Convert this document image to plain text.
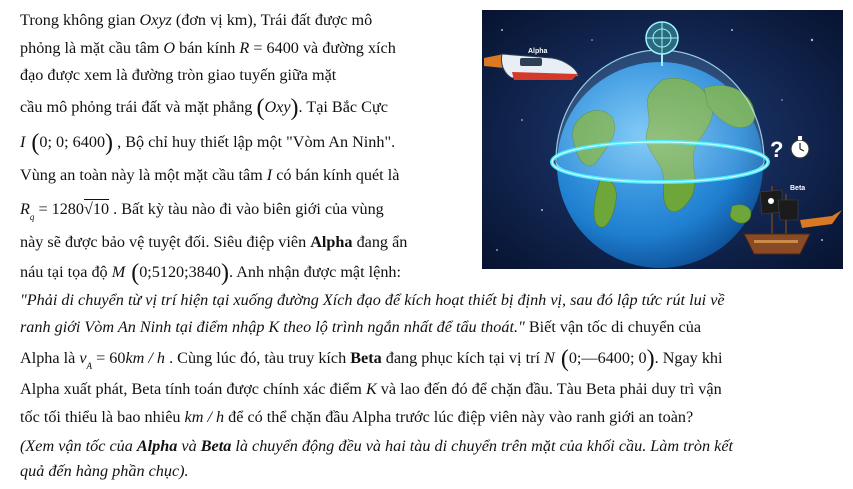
Trong không gian Oxyz (đơn vị km), Trái đất được mô
phỏng là mặt cầu tâm O bán kính R = 6400 và đường xích
đạo được xem là đường tròn giao tuyến giữa mặt
cầu mô phỏng trái đất và mặt phẳng (Oxy). Tại Bắc Cực
I (0; 0; 6400) , Bộ chỉ huy thiết lập một "Vòm An Ninh".
Vùng an toàn này là một mặt cầu tâm I có bán kính quét là
$R_q = 1280√10$ . Bất kỳ tàu nào đi vào biên giới của vùng
này sẽ được bảo vệ tuyệt đối. Siêu điệp viên Alpha đang ẩn
náu tại tọa độ M (0;5120;3840). Anh nhận được mật lệnh:
"Phải di chuyển từ vị trí hiện tại xuống đường Xích đạo để kích hoạt thiết bị định vị, sau đó lập tức rút lui về
ranh giới Vòm An Ninh tại điểm nhập K theo lộ trình ngắn nhất để tẩu thoát." Biết vận tốc di chuyển của
Alpha là $v_A = 60km / h$ . Cùng lúc đó, tàu truy kích Beta đang phục kích tại vị trí N (0;—6400; 0). Ngay khi
Alpha xuất phát, Beta tính toán được chính xác điểm K và lao đến đó để chặn đầu. Tàu Beta phải duy trì vận
tốc tối thiểu là bao nhiêu km / h để có thể chặn đầu Alpha trước lúc điệp viên này vào ranh giới an toàn?
(Xem vận tốc của Alpha và Beta là chuyển động đều và hai tàu di chuyển trên mặt của khối cầu. Làm tròn kết
quả đến hàng phần chục).
Alpha
?
Beta
